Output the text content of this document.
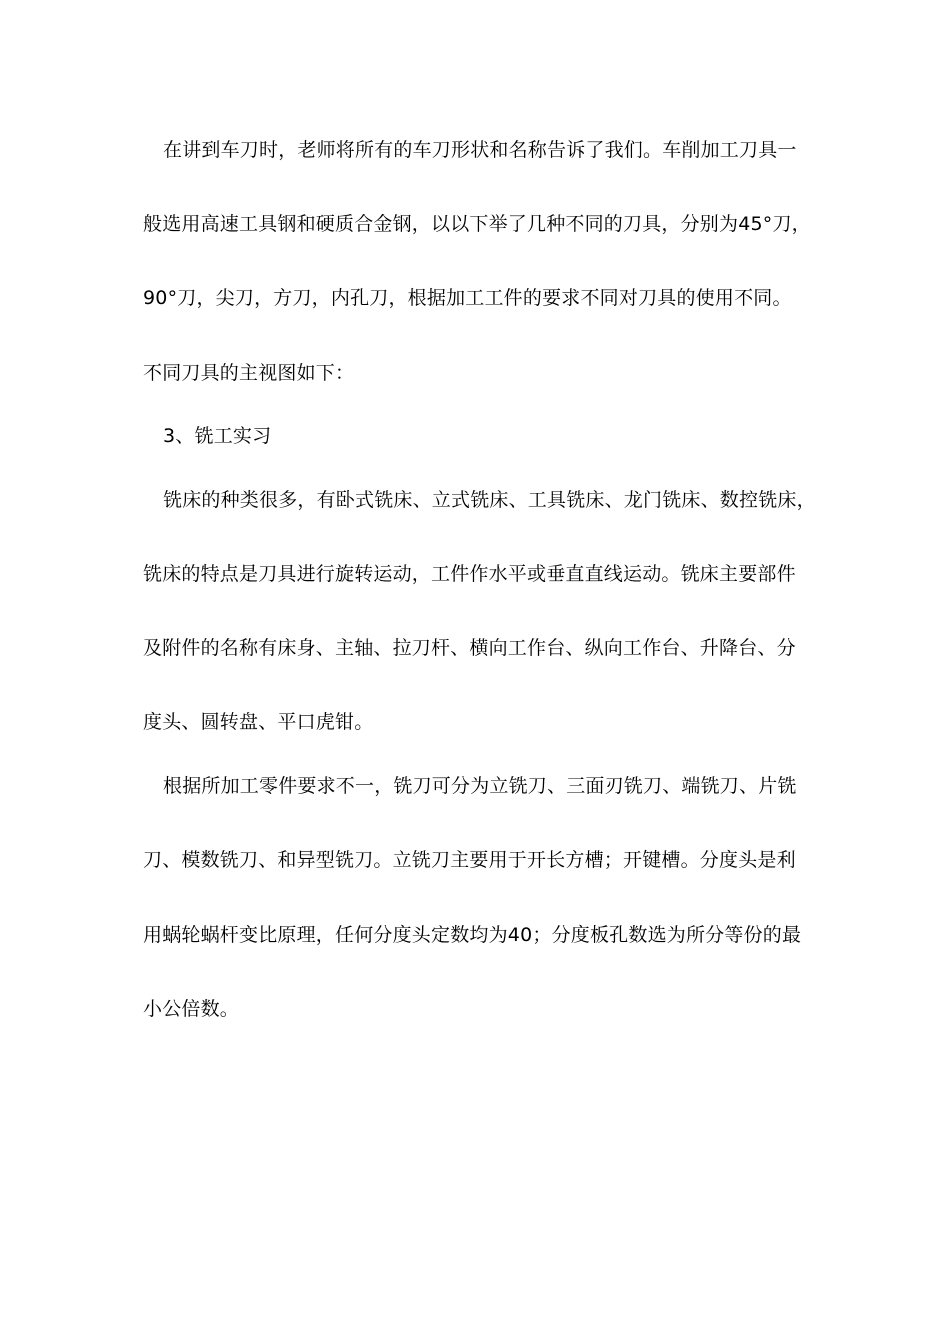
在讲到车刀时，老师将所有的车刀形状和名称告诉了我们。车削加工刀具一
般选用高速工具钢和硬质合金钢，以以下举了几种不同的刀具，分别为45°刀，
90°刀，尖刀，方刀，内孔刀，根据加工工件的要求不同对刀具的使用不同。
不同刀具的主视图如下：
3、铣工实习
铣床的种类很多，有卧式铣床、立式铣床、工具铣床、龙门铣床、数控铣床，
铣床的特点是刀具进行旋转运动，工件作水平或垂直直线运动。铣床主要部件
及附件的名称有床身、主轴、拉刀杆、横向工作台、纵向工作台、升降台、分
度头、圆转盘、平口虎钳。
根据所加工零件要求不一，铣刀可分为立铣刀、三面刃铣刀、端铣刀、片铣
刀、模数铣刀、和异型铣刀。立铣刀主要用于开长方槽；开键槽。分度头是利
用蜗轮蜗杆变比原理，任何分度头定数均为40；分度板孔数选为所分等份的最
小公倍数。
